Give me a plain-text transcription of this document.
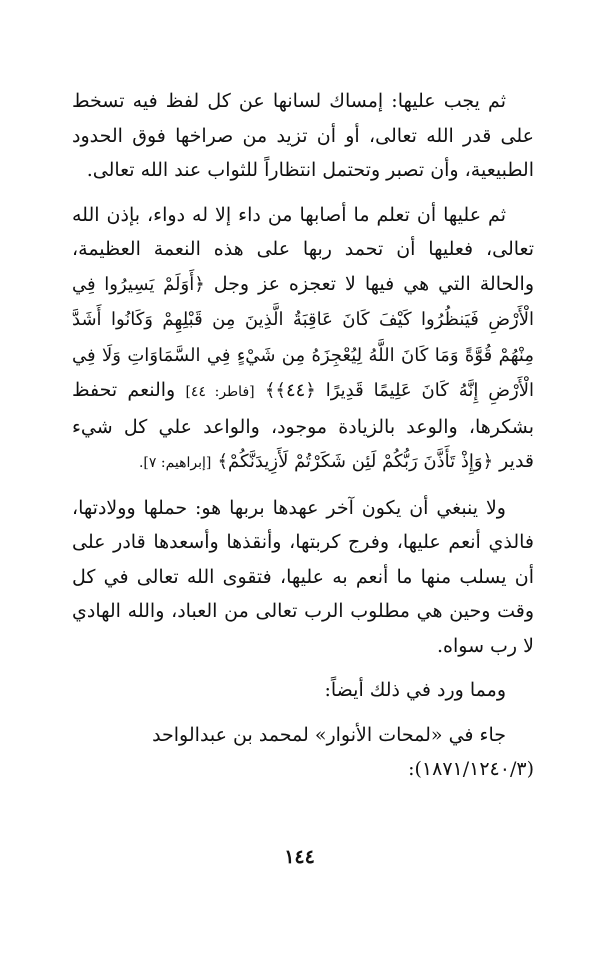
ثم يجب عليها: إمساك لسانها عن كل لفظ فيه تسخط على قدر الله تعالى، أو أن تزيد من صراخها فوق الحدود الطبيعية، وأن تصبر وتحتمل انتظاراً للثواب عند الله تعالى.

ثم عليها أن تعلم ما أصابها من داء إلا له دواء، بإذن الله تعالى، فعليها أن تحمد ربها على هذه النعمة العظيمة، والحالة التي هي فيها لا تعجزه عز وجل ﴿أَوَلَمْ يَسِيرُوا فِي الْأَرْضِ فَيَنظُرُوا كَيْفَ كَانَ عَاقِبَةُ الَّذِينَ مِن قَبْلِهِمْ وَكَانُوا أَشَدَّ مِنْهُمْ قُوَّةً وَمَا كَانَ اللَّهُ لِيُعْجِزَهُ مِن شَيْءٍ فِي السَّمَاوَاتِ وَلَا فِي الْأَرْضِ إِنَّهُ كَانَ عَلِيمًا قَدِيرًا ﴿٤٤﴾﴾ [فاطر: ٤٤] والنعم تحفظ بشكرها، والوعد بالزيادة موجود، والواعد علي كل شيء قدير ﴿وَإِذْ تَأَذَّنَ رَبُّكُمْ لَئِن شَكَرْتُمْ لَأَزِيدَنَّكُمْ﴾ [إبراهيم: ٧].

ولا ينبغي أن يكون آخر عهدها بربها هو: حملها وولادتها، فالذي أنعم عليها، وفرج كربتها، وأنقذها وأسعدها قادر على أن يسلب منها ما أنعم به عليها، فتقوى الله تعالى في كل وقت وحين هي مطلوب الرب تعالى من العباد، والله الهادي لا رب سواه.

ومما ورد في ذلك أيضاً:

جاء في «لمحات الأنوار» لمحمد بن عبدالواحد
(١٨٧١/١٢٤٠/٣):

١٤٤
